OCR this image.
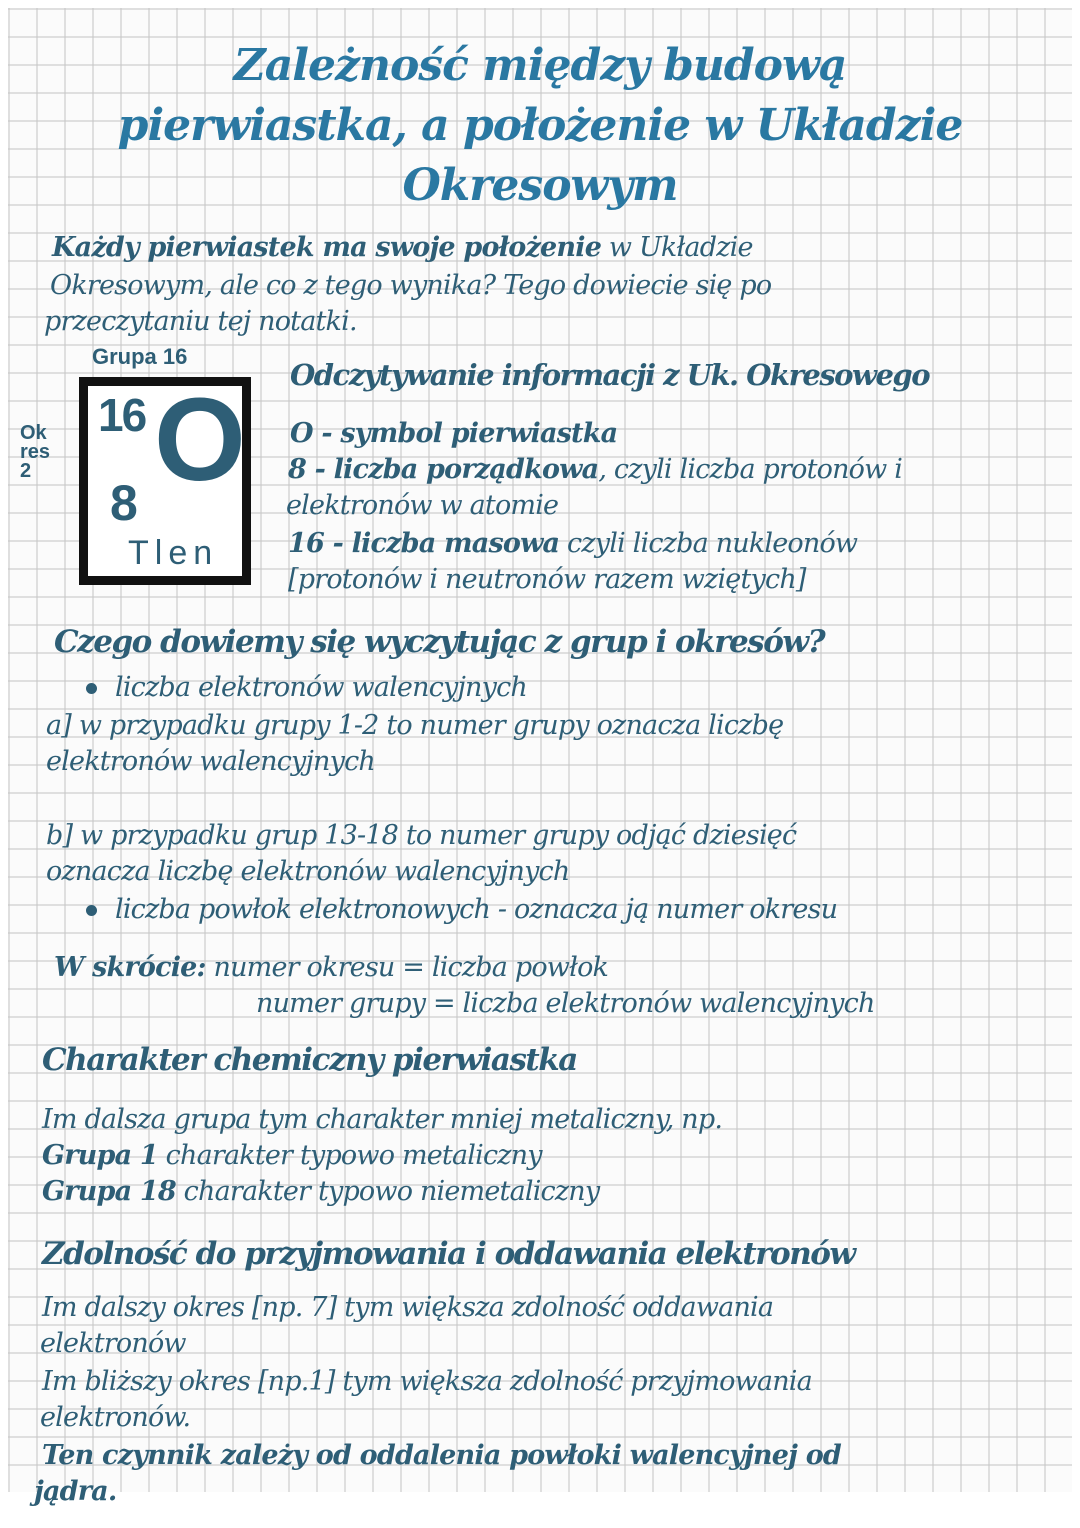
Zależność między budową
pierwiastka, a położenie w Układzie
Okresowym
Każdy pierwiastek ma swoje położenie w Układzie
Okresowym, ale co z tego wynika? Tego dowiecie się po
przeczytaniu tej notatki.
Grupa 16
Ok
res
2
16 O
8
Tlen
Odczytywanie informacji z Uk. Okresowego
O - symbol pierwiastka
8 - liczba porządkowa, czyli liczba protonów i
elektronów w atomie
16 - liczba masowa czyli liczba nukleonów
[protonów i neutronów razem wziętych]
Czego dowiemy się wyczytując z grup i okresów?
liczba elektronów walencyjnych
a] w przypadku grupy 1-2 to numer grupy oznacza liczbę
elektronów walencyjnych
b] w przypadku grup 13-18 to numer grupy odjąć dziesięć
oznacza liczbę elektronów walencyjnych
liczba powłok elektronowych - oznacza ją numer okresu
W skrócie: numer okresu = liczba powłok
numer grupy = liczba elektronów walencyjnych
Charakter chemiczny pierwiastka
Im dalsza grupa tym charakter mniej metaliczny, np.
Grupa 1 charakter typowo metaliczny
Grupa 18 charakter typowo niemetaliczny
Zdolność do przyjmowania i oddawania elektronów
Im dalszy okres [np. 7] tym większa zdolność oddawania
elektronów
Im bliższy okres [np.1] tym większa zdolność przyjmowania
elektronów.
Ten czynnik zależy od oddalenia powłoki walencyjnej od
jądra.
